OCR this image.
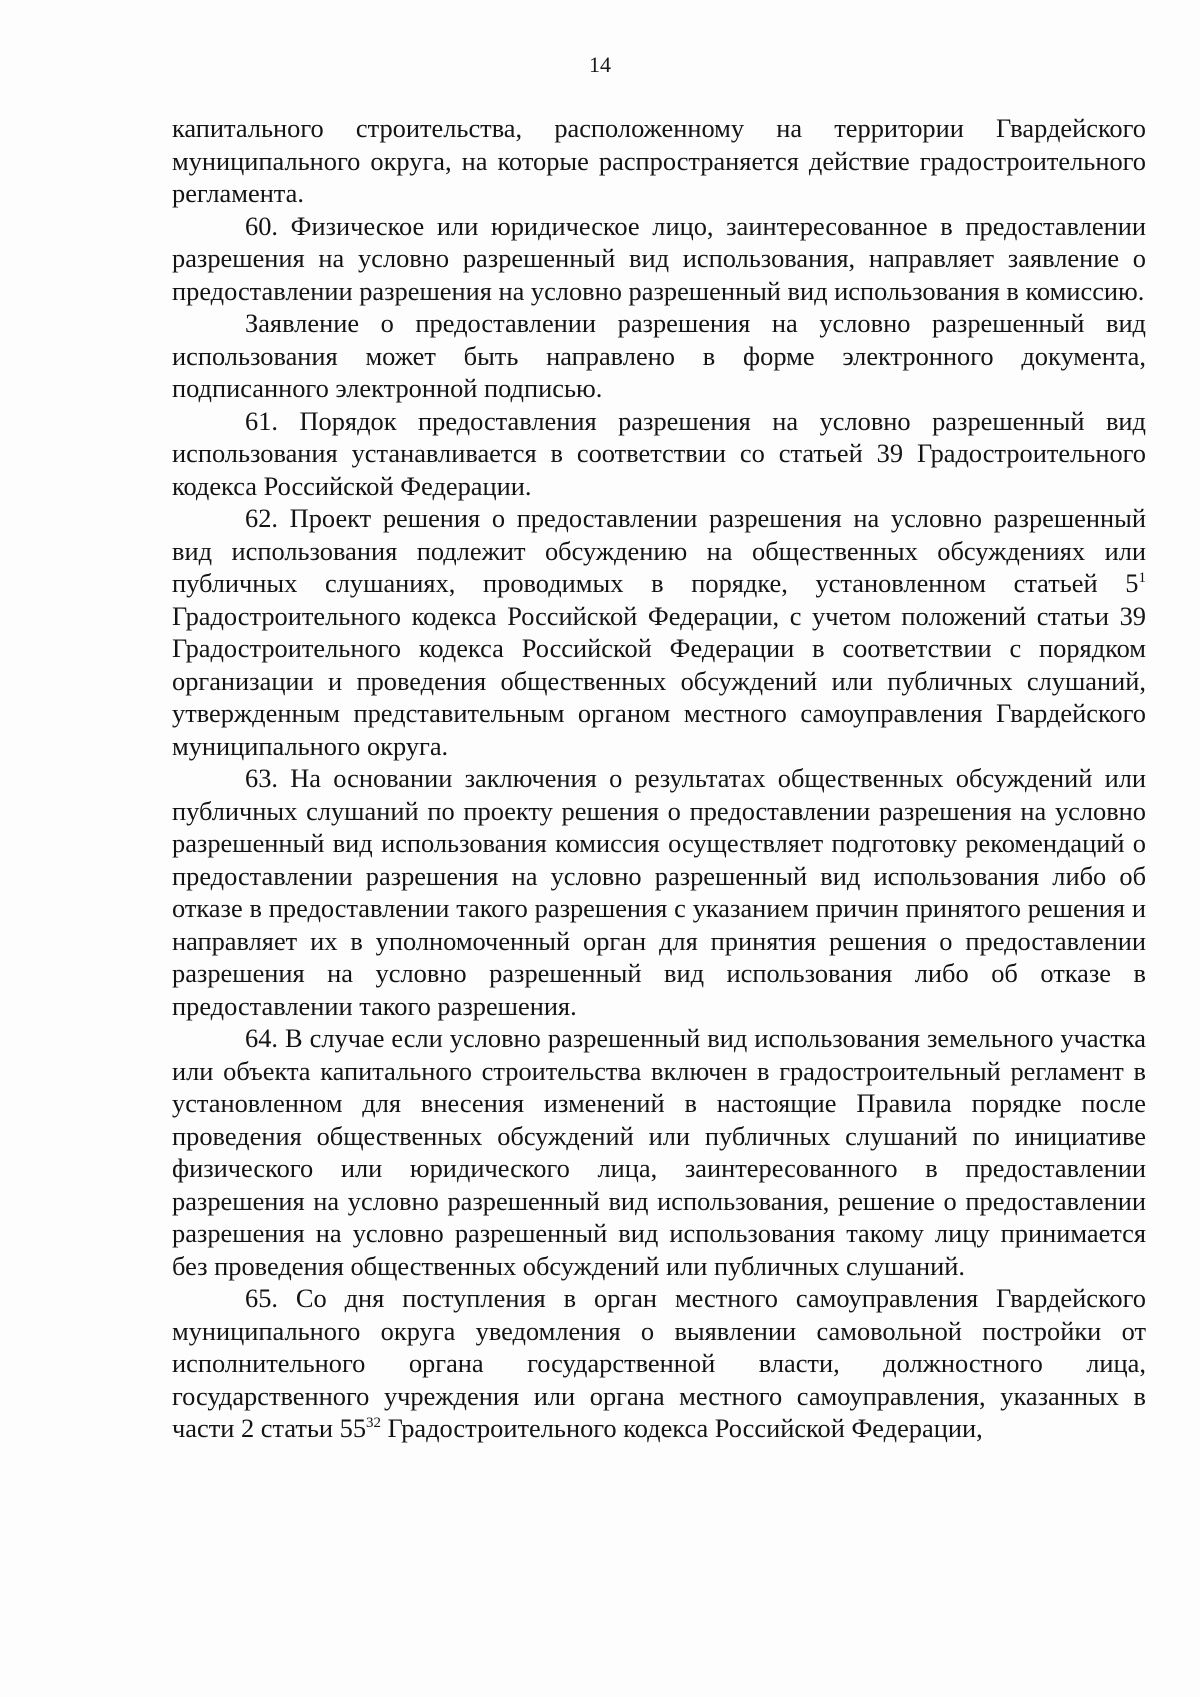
14

капитального строительства, расположенному на территории Гвардейского муниципального округа, на которые распространяется действие градостроительного регламента.

60. Физическое или юридическое лицо, заинтересованное в предоставлении разрешения на условно разрешенный вид использования, направляет заявление о предоставлении разрешения на условно разрешенный вид использования в комиссию.

Заявление о предоставлении разрешения на условно разрешенный вид использования может быть направлено в форме электронного документа, подписанного электронной подписью.

61. Порядок предоставления разрешения на условно разрешенный вид использования устанавливается в соответствии со статьей 39 Градостроительного кодекса Российской Федерации.

62. Проект решения о предоставлении разрешения на условно разрешенный вид использования подлежит обсуждению на общественных обсуждениях или публичных слушаниях, проводимых в порядке, установленном статьей $5^1$ Градостроительного кодекса Российской Федерации, с учетом положений статьи 39 Градостроительного кодекса Российской Федерации в соответствии с порядком организации и проведения общественных обсуждений или публичных слушаний, утвержденным представительным органом местного самоуправления Гвардейского муниципального округа.

63. На основании заключения о результатах общественных обсуждений или публичных слушаний по проекту решения о предоставлении разрешения на условно разрешенный вид использования комиссия осуществляет подготовку рекомендаций о предоставлении разрешения на условно разрешенный вид использования либо об отказе в предоставлении такого разрешения с указанием причин принятого решения и направляет их в уполномоченный орган для принятия решения о предоставлении разрешения на условно разрешенный вид использования либо об отказе в предоставлении такого разрешения.

64. В случае если условно разрешенный вид использования земельного участка или объекта капитального строительства включен в градостроительный регламент в установленном для внесения изменений в настоящие Правила порядке после проведения общественных обсуждений или публичных слушаний по инициативе физического или юридического лица, заинтересованного в предоставлении разрешения на условно разрешенный вид использования, решение о предоставлении разрешения на условно разрешенный вид использования такому лицу принимается без проведения общественных обсуждений или публичных слушаний.

65. Со дня поступления в орган местного самоуправления Гвардейского муниципального округа уведомления о выявлении самовольной постройки от исполнительного органа государственной власти, должностного лица, государственного учреждения или органа местного самоуправления, указанных в части 2 статьи $55^{32}$ Градостроительного кодекса Российской Федерации,
